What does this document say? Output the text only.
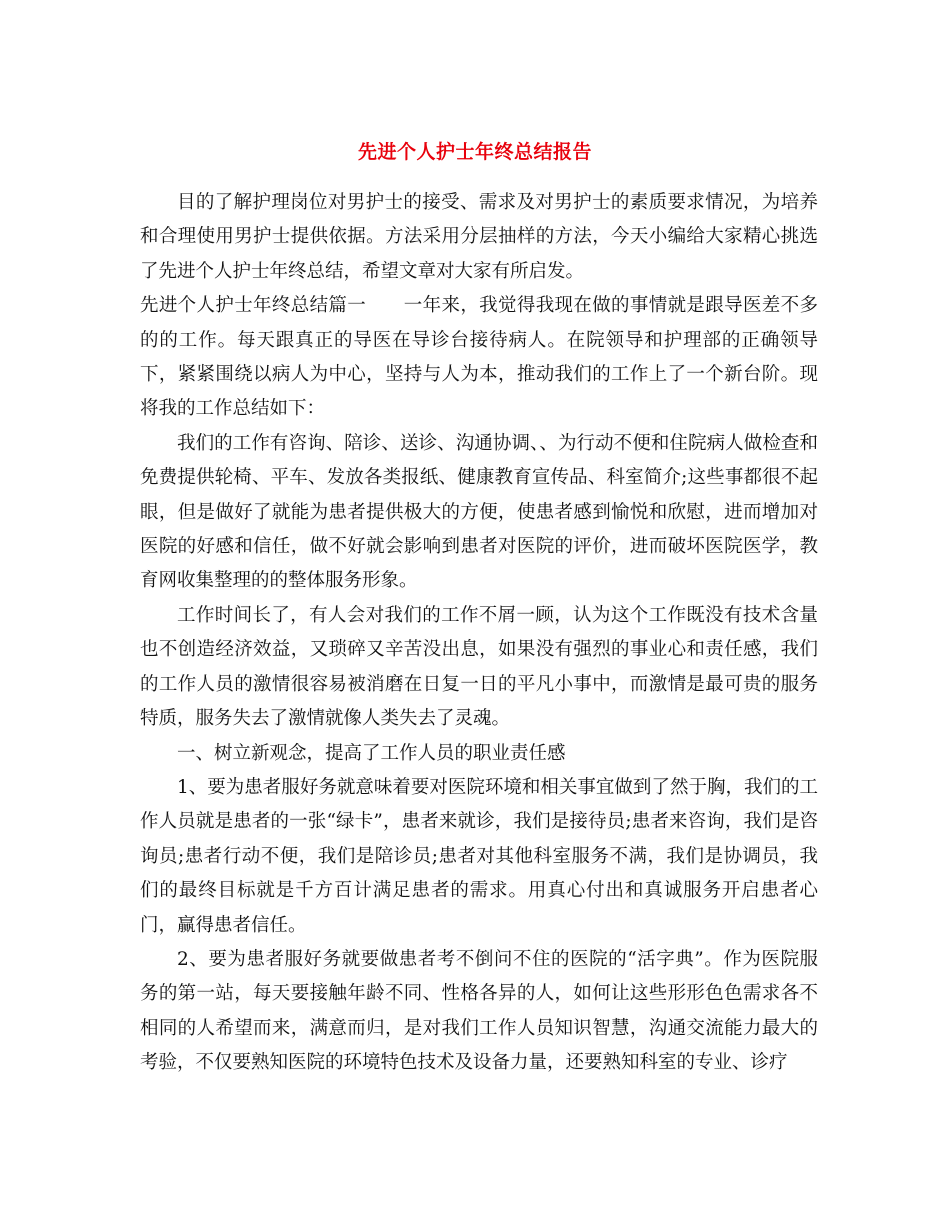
先进个人护士年终总结报告

目的了解护理岗位对男护士的接受、需求及对男护士的素质要求情况，为培养和合理使用男护士提供依据。方法采用分层抽样的方法，今天小编给大家精心挑选了先进个人护士年终总结，希望文章对大家有所启发。

先进个人护士年终总结篇一　　一年来，我觉得我现在做的事情就是跟导医差不多的的工作。每天跟真正的导医在导诊台接待病人。在院领导和护理部的正确领导下，紧紧围绕以病人为中心，坚持与人为本，推动我们的工作上了一个新台阶。现将我的工作总结如下：

我们的工作有咨询、陪诊、送诊、沟通协调、、为行动不便和住院病人做检查和免费提供轮椅、平车、发放各类报纸、健康教育宣传品、科室简介;这些事都很不起眼，但是做好了就能为患者提供极大的方便，使患者感到愉悦和欣慰，进而增加对医院的好感和信任，做不好就会影响到患者对医院的评价，进而破坏医院医学，教育网收集整理的的整体服务形象。

工作时间长了，有人会对我们的工作不屑一顾，认为这个工作既没有技术含量也不创造经济效益，又琐碎又辛苦没出息，如果没有强烈的事业心和责任感，我们的工作人员的激情很容易被消磨在日复一日的平凡小事中，而激情是最可贵的服务特质，服务失去了激情就像人类失去了灵魂。

一、树立新观念，提高了工作人员的职业责任感

1、要为患者服好务就意味着要对医院环境和相关事宜做到了然于胸，我们的工作人员就是患者的一张“绿卡”，患者来就诊，我们是接待员;患者来咨询，我们是咨询员;患者行动不便，我们是陪诊员;患者对其他科室服务不满，我们是协调员，我们的最终目标就是千方百计满足患者的需求。用真心付出和真诚服务开启患者心门，赢得患者信任。

2、要为患者服好务就要做患者考不倒问不住的医院的“活字典”。作为医院服务的第一站，每天要接触年龄不同、性格各异的人，如何让这些形形色色需求各不相同的人希望而来，满意而归，是对我们工作人员知识智慧，沟通交流能力最大的考验，不仅要熟知医院的环境特色技术及设备力量，还要熟知科室的专业、诊疗
